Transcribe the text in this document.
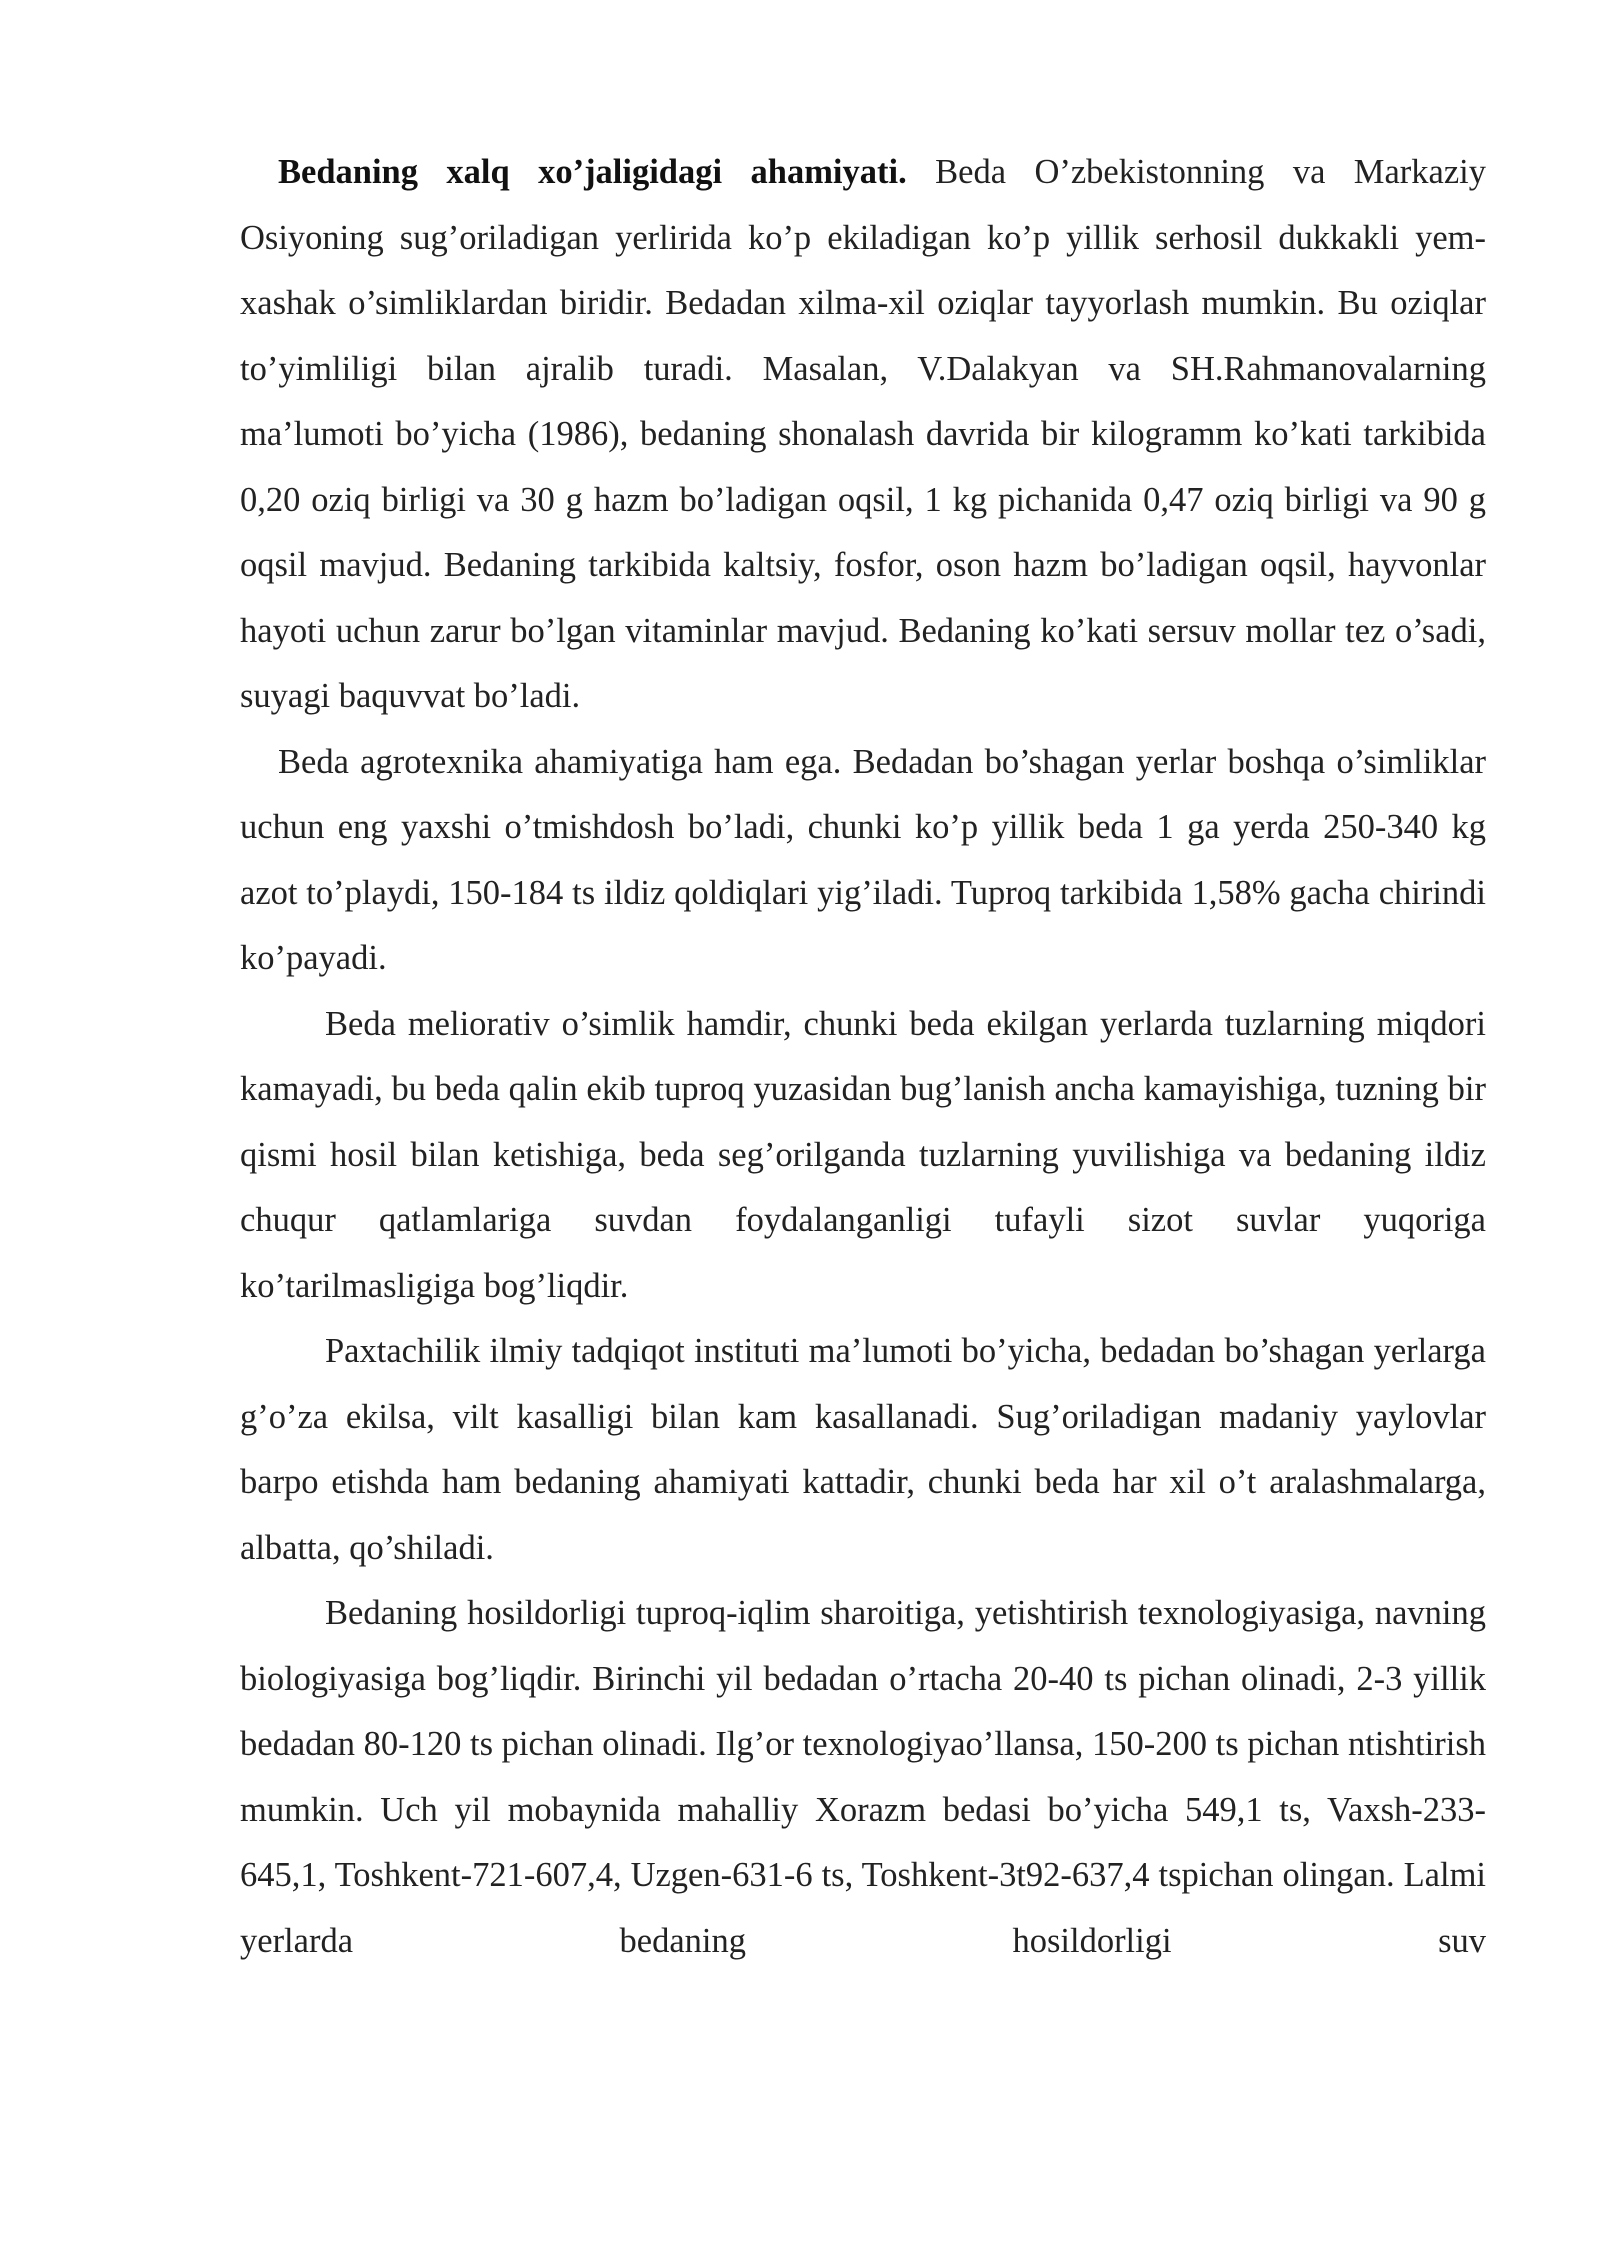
Bedaning xalq xo’jaligidagi ahamiyati. Beda O’zbekistonning va Markaziy Osiyoning sug’oriladigan yerlirida ko’p ekiladigan ko’p yillik serhosil dukkakli yem-xashak o’simliklardan biridir. Bedadan xilma-xil oziqlar tayyorlash mumkin. Bu oziqlar to’yimliligi bilan ajralib turadi. Masalan, V.Dalakyan va SH.Rahmanovalarning ma’lumoti bo’yicha (1986), bedaning shonalash davrida bir kilogramm ko’kati tarkibida 0,20 oziq birligi va 30 g hazm bo’ladigan oqsil, 1 kg pichanida 0,47 oziq birligi va 90 g oqsil mavjud. Bedaning tarkibida kaltsiy, fosfor, oson hazm bo’ladigan oqsil, hayvonlar hayoti uchun zarur bo’lgan vitaminlar mavjud. Bedaning ko’kati sersuv mollar tez o’sadi, suyagi baquvvat bo’ladi.

Beda agrotexnika ahamiyatiga ham ega. Bedadan bo’shagan yerlar boshqa o’simliklar uchun eng yaxshi o’tmishdosh bo’ladi, chunki ko’p yillik beda 1 ga yerda 250-340 kg azot to’playdi, 150-184 ts ildiz qoldiqlari yig’iladi. Tuproq tarkibida 1,58% gacha chirindi ko’payadi.

Beda meliorativ o’simlik hamdir, chunki beda ekilgan yerlarda tuzlarning miqdori kamayadi, bu beda qalin ekib tuproq yuzasidan bug’lanish ancha kamayishiga, tuzning bir qismi hosil bilan ketishiga, beda seg’orilganda tuzlarning yuvilishiga va bedaning ildiz chuqur qatlamlariga suvdan foydalanganligi tufayli sizot suvlar yuqoriga ko’tarilmasligiga bog’liqdir.

Paxtachilik ilmiy tadqiqot instituti ma’lumoti bo’yicha, bedadan bo’shagan yerlarga g’o’za ekilsa, vilt kasalligi bilan kam kasallanadi. Sug’oriladigan madaniy yaylovlar barpo etishda ham bedaning ahamiyati kattadir, chunki beda har xil o’t aralashmalarga, albatta, qo’shiladi.

Bedaning hosildorligi tuproq-iqlim sharoitiga, yetishtirish texnologiyasiga, navning biologiyasiga bog’liqdir. Birinchi yil bedadan o’rtacha 20-40 ts pichan olinadi, 2-3 yillik bedadan 80-120 ts pichan olinadi. Ilg’or texnologiyao’llansa, 150-200 ts pichan ntishtirish mumkin. Uch yil mobaynida mahalliy Xorazm bedasi bo’yicha 549,1 ts, Vaxsh-233-645,1, Toshkent-721-607,4, Uzgen-631-6 ts, Toshkent-3t92-637,4 tspichan olingan. Lalmi yerlarda bedaning hosildorligi suv
